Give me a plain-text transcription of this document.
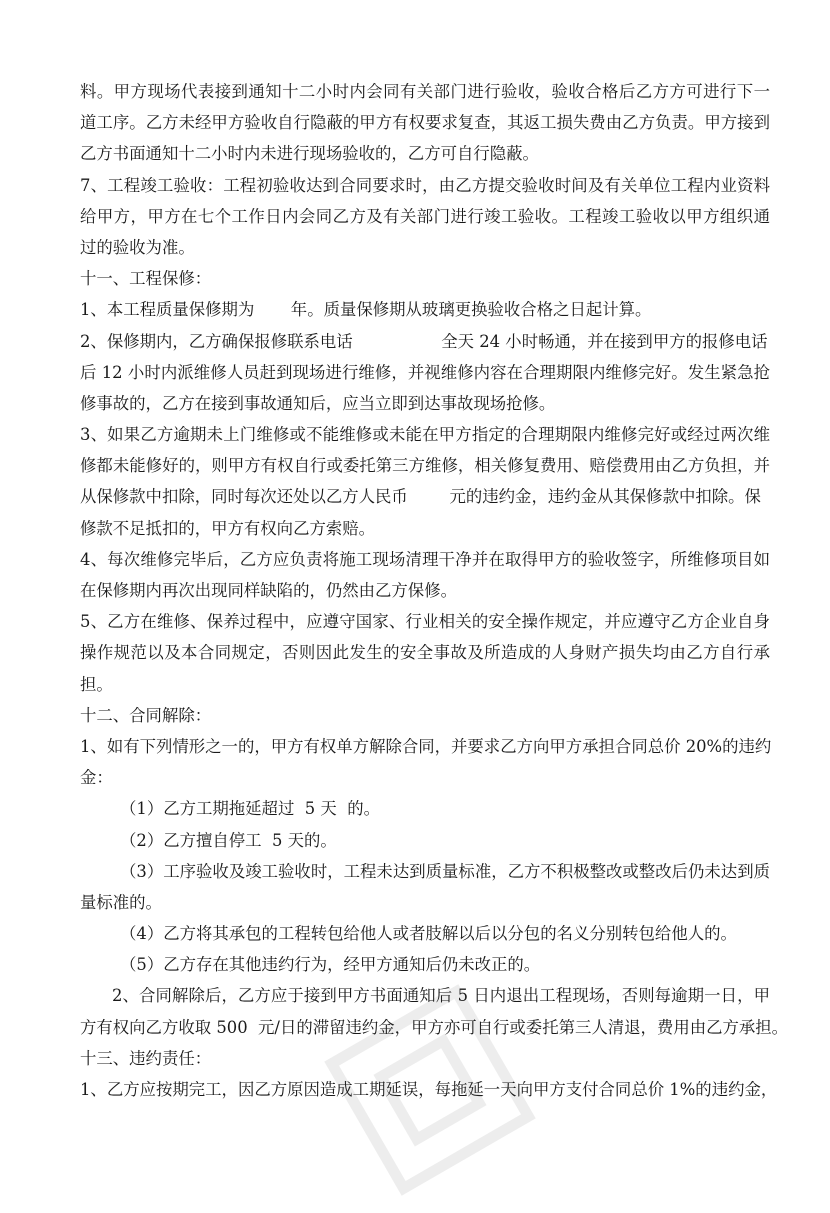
料。甲方现场代表接到通知十二小时内会同有关部门进行验收，验收合格后乙方方可进行下一
道工序。乙方未经甲方验收自行隐蔽的甲方有权要求复查，其返工损失费由乙方负责。甲方接到
乙方书面通知十二小时内未进行现场验收的，乙方可自行隐蔽。
7、工程竣工验收：工程初验收达到合同要求时，由乙方提交验收时间及有关单位工程内业资料
给甲方，甲方在七个工作日内会同乙方及有关部门进行竣工验收。工程竣工验收以甲方组织通
过的验收为准。
十一、工程保修：
1、本工程质量保修期为       年。质量保修期从玻璃更换验收合格之日起计算。
2、保修期内，乙方确保报修联系电话                 全天 24 小时畅通，并在接到甲方的报修电话
后 12 小时内派维修人员赶到现场进行维修，并视维修内容在合理期限内维修完好。发生紧急抢
修事故的，乙方在接到事故通知后，应当立即到达事故现场抢修。
3、如果乙方逾期未上门维修或不能维修或未能在甲方指定的合理期限内维修完好或经过两次维
修都未能修好的，则甲方有权自行或委托第三方维修，相关修复费用、赔偿费用由乙方负担，并
从保修款中扣除，同时每次还处以乙方人民币        元的违约金，违约金从其保修款中扣除。保
修款不足抵扣的，甲方有权向乙方索赔。
4、每次维修完毕后，乙方应负责将施工现场清理干净并在取得甲方的验收签字，所维修项目如
在保修期内再次出现同样缺陷的，仍然由乙方保修。
5、乙方在维修、保养过程中，应遵守国家、行业相关的安全操作规定，并应遵守乙方企业自身
操作规范以及本合同规定，否则因此发生的安全事故及所造成的人身财产损失均由乙方自行承
担。
十二、合同解除：
1、如有下列情形之一的，甲方有权单方解除合同，并要求乙方向甲方承担合同总价 20%的违约
金：
（1）乙方工期拖延超过  5 天  的。
（2）乙方擅自停工  5 天的。
（3）工序验收及竣工验收时，工程未达到质量标准，乙方不积极整改或整改后仍未达到质
量标准的。
（4）乙方将其承包的工程转包给他人或者肢解以后以分包的名义分别转包给他人的。
（5）乙方存在其他违约行为，经甲方通知后仍未改正的。
2、合同解除后，乙方应于接到甲方书面通知后 5 日内退出工程现场，否则每逾期一日，甲
方有权向乙方收取 500  元/日的滞留违约金，甲方亦可自行或委托第三人清退，费用由乙方承担。
十三、违约责任：
1、乙方应按期完工，因乙方原因造成工期延误，每拖延一天向甲方支付合同总价 1%的违约金，
